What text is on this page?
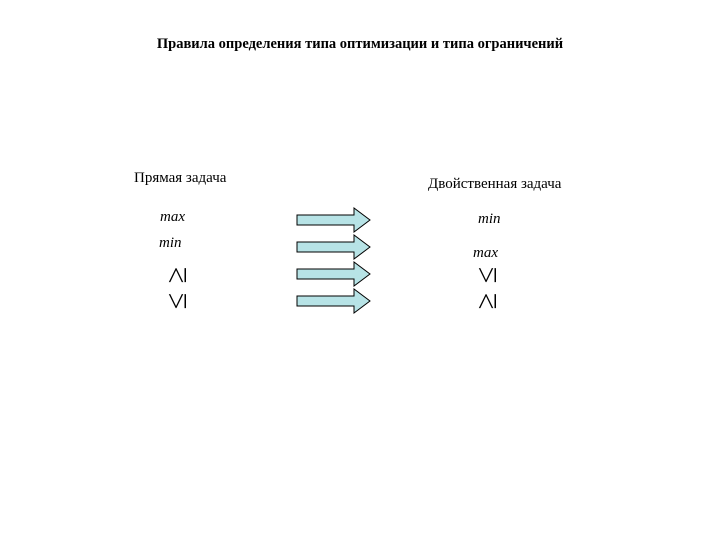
Правила определения типа оптимизации и типа ограничений
Прямая задача	Двойственная задача
max
min
min
max
≥
≤
≤
≥
